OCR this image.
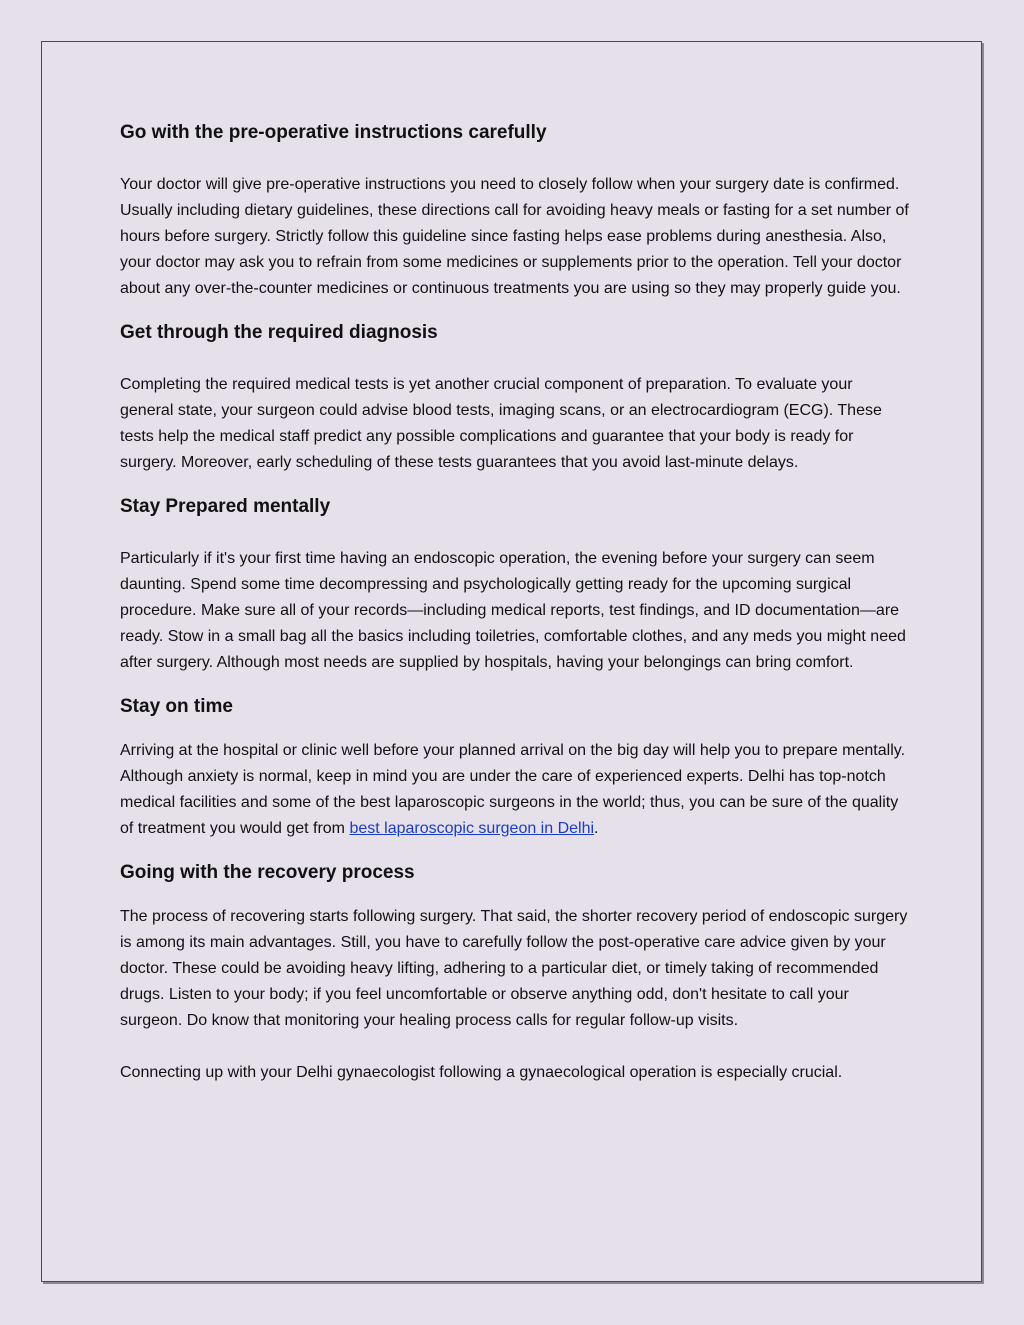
Go with the pre-operative instructions carefully

Your doctor will give pre-operative instructions you need to closely follow when your surgery date is confirmed. Usually including dietary guidelines, these directions call for avoiding heavy meals or fasting for a set number of hours before surgery. Strictly follow this guideline since fasting helps ease problems during anesthesia. Also, your doctor may ask you to refrain from some medicines or supplements prior to the operation. Tell your doctor about any over-the-counter medicines or continuous treatments you are using so they may properly guide you.

Get through the required diagnosis

Completing the required medical tests is yet another crucial component of preparation. To evaluate your general state, your surgeon could advise blood tests, imaging scans, or an electrocardiogram (ECG). These tests help the medical staff predict any possible complications and guarantee that your body is ready for surgery. Moreover, early scheduling of these tests guarantees that you avoid last-minute delays.

Stay Prepared mentally

Particularly if it's your first time having an endoscopic operation, the evening before your surgery can seem daunting. Spend some time decompressing and psychologically getting ready for the upcoming surgical procedure. Make sure all of your records—including medical reports, test findings, and ID documentation—are ready. Stow in a small bag all the basics including toiletries, comfortable clothes, and any meds you might need after surgery. Although most needs are supplied by hospitals, having your belongings can bring comfort.

Stay on time

Arriving at the hospital or clinic well before your planned arrival on the big day will help you to prepare mentally. Although anxiety is normal, keep in mind you are under the care of experienced experts. Delhi has top-notch medical facilities and some of the best laparoscopic surgeons in the world; thus, you can be sure of the quality of treatment you would get from best laparoscopic surgeon in Delhi.

Going with the recovery process

The process of recovering starts following surgery. That said, the shorter recovery period of endoscopic surgery is among its main advantages. Still, you have to carefully follow the post-operative care advice given by your doctor. These could be avoiding heavy lifting, adhering to a particular diet, or timely taking of recommended drugs. Listen to your body; if you feel uncomfortable or observe anything odd, don't hesitate to call your surgeon. Do know that monitoring your healing process calls for regular follow-up visits.

Connecting up with your Delhi gynaecologist following a gynaecological operation is especially crucial.
